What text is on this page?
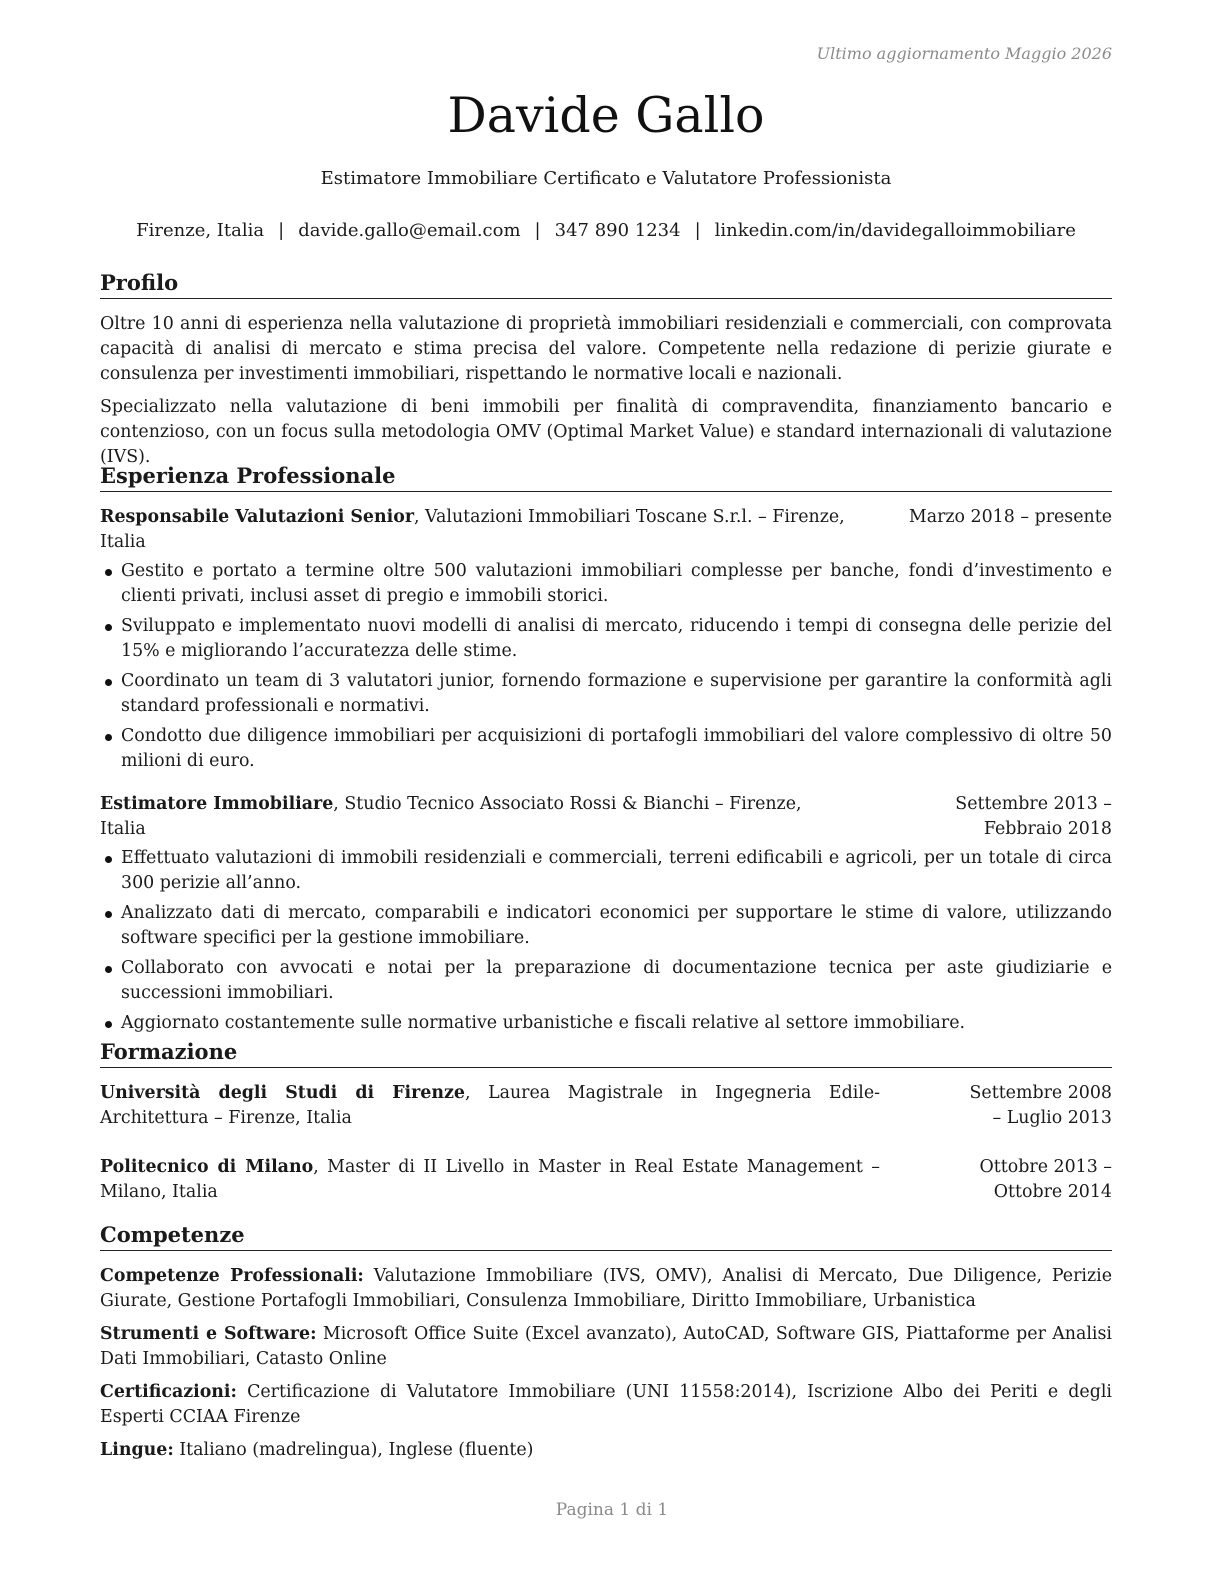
Ultimo aggiornamento Maggio 2026
Davide Gallo
Estimatore Immobiliare Certificato e Valutatore Professionista
Firenze, Italia | davide.gallo@email.com | 347 890 1234 | linkedin.com/in/davidegalloimmobiliare
Profilo

Oltre 10 anni di esperienza nella valutazione di proprietà immobiliari residenziali e commerciali, con comprovata capacità di analisi di mercato e stima precisa del valore. Competente nella redazione di perizie giurate e consulenza per investimenti immobiliari, rispettando le normative locali e nazionali.

Specializzato nella valutazione di beni immobili per finalità di compravendita, finanziamento bancario e contenzioso, con un focus sulla metodologia OMV (Optimal Market Value) e standard internazionali di valutazione (IVS).

Esperienza Professionale
Responsabile Valutazioni Senior, Valutazioni Immobiliari Toscane S.r.l. – Firenze, Italia
Marzo 2018 – presente
Gestito e portato a termine oltre 500 valutazioni immobiliari complesse per banche, fondi d’investimento e clienti privati, inclusi asset di pregio e immobili storici.
Sviluppato e implementato nuovi modelli di analisi di mercato, riducendo i tempi di consegna delle perizie del 15% e migliorando l’accuratezza delle stime.
Coordinato un team di 3 valutatori junior, fornendo formazione e supervisione per garantire la conformità agli standard professionali e normativi.
Condotto due diligence immobiliari per acquisizioni di portafogli immobiliari del valore complessivo di oltre 50 milioni di euro.
Estimatore Immobiliare, Studio Tecnico Associato Rossi & Bianchi – Firenze, Italia
Settembre 2013 – Febbraio 2018
Effettuato valutazioni di immobili residenziali e commerciali, terreni edificabili e agricoli, per un totale di circa 300 perizie all’anno.
Analizzato dati di mercato, comparabili e indicatori economici per supportare le stime di valore, utilizzando software specifici per la gestione immobiliare.
Collaborato con avvocati e notai per la preparazione di documentazione tecnica per aste giudiziarie e successioni immobiliari.
Aggiornato costantemente sulle normative urbanistiche e fiscali relative al settore immobiliare.
Formazione
Università degli Studi di Firenze, Laurea Magistrale in Ingegneria Edile-Architettura – Firenze, Italia
Settembre 2008 – Luglio 2013
Politecnico di Milano, Master di II Livello in Master in Real Estate Management – Milano, Italia
Ottobre 2013 – Ottobre 2014
Competenze

Competenze Professionali: Valutazione Immobiliare (IVS, OMV), Analisi di Mercato, Due Diligence, Perizie Giurate, Gestione Portafogli Immobiliari, Consulenza Immobiliare, Diritto Immobiliare, Urbanistica

Strumenti e Software: Microsoft Office Suite (Excel avanzato), AutoCAD, Software GIS, Piattaforme per Analisi Dati Immobiliari, Catasto Online

Certificazioni: Certificazione di Valutatore Immobiliare (UNI 11558:2014), Iscrizione Albo dei Periti e degli Esperti CCIAA Firenze

Lingue: Italiano (madrelingua), Inglese (fluente)

Pagina 1 di 1
